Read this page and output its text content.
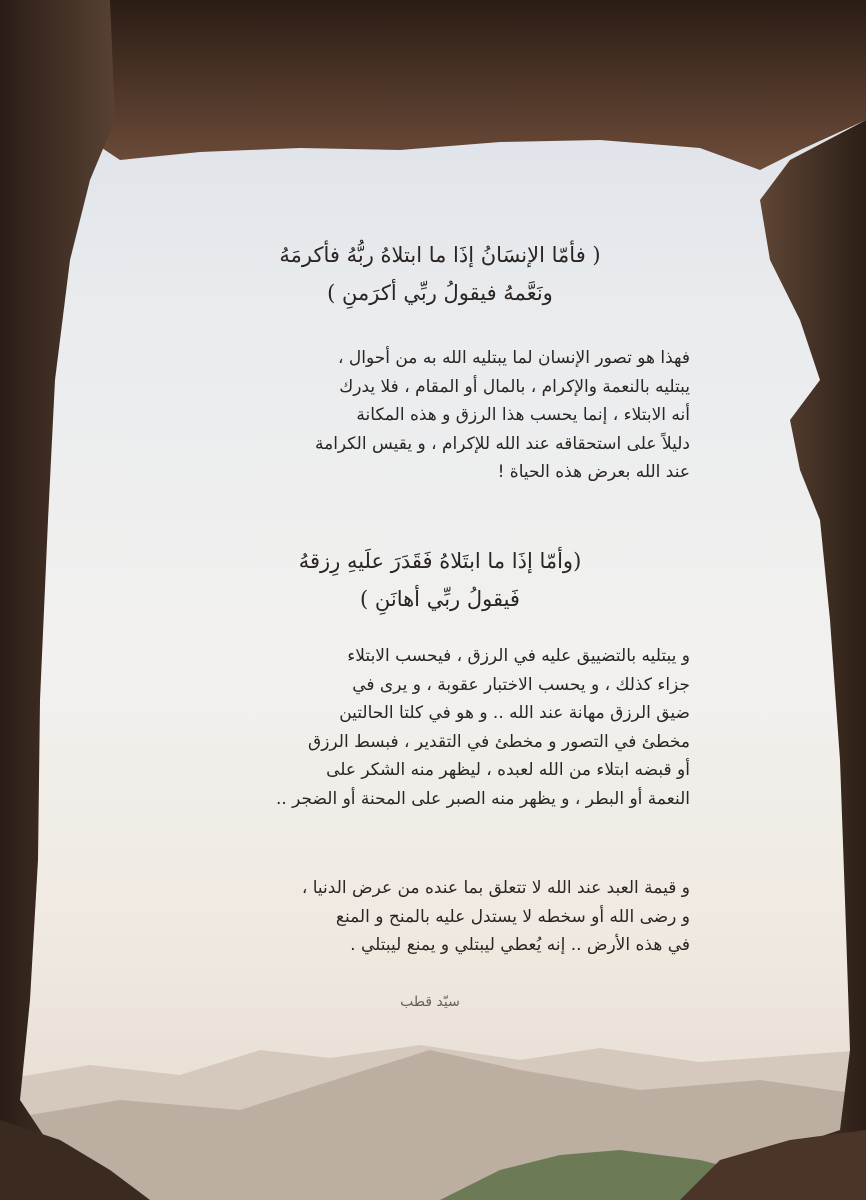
( فأمّا الإنسَانُ إذَا ما ابتلاهُ ربُّهُ فأكرمَهُ
ونَعَّمهُ فيقولُ ربِّي أكرَمنِ )
فهذا هو تصور الإنسان لما يبتليه الله به من أحوال ،
يبتليه بالنعمة والإكرام ، بالمال أو المقام ، فلا يدرك
أنه الابتلاء ، إنما يحسب هذا الرزق و هذه المكانة
دليلاً على استحقاقه عند الله للإكرام ، و يقيس الكرامة
عند الله بعرض هذه الحياة !
(وأمّا إذَا ما ابتَلاهُ فَقَدَرَ علَيهِ رِزقهُ
فَيقولُ ربِّي أهانَنِ )
و يبتليه بالتضييق عليه في الرزق ، فيحسب الابتلاء
جزاء كذلك ، و يحسب الاختبار عقوبة ، و يرى في
ضيق الرزق مهانة عند الله .. و هو في كلتا الحالتين
مخطئ في التصور و مخطئ في التقدير ، فبسط الرزق
أو قبضه ابتلاء من الله لعبده ، ليظهر منه الشكر على
النعمة أو البطر ، و يظهر منه الصبر على المحنة أو الضجر ..
و قيمة العبد عند الله لا تتعلق بما عنده من عرض الدنيا ،
و رضى الله أو سخطه لا يستدل عليه بالمنح و المنع
في هذه الأرض .. إنه يُعطي ليبتلي و يمنع ليبتلي .
سيّد قطب
